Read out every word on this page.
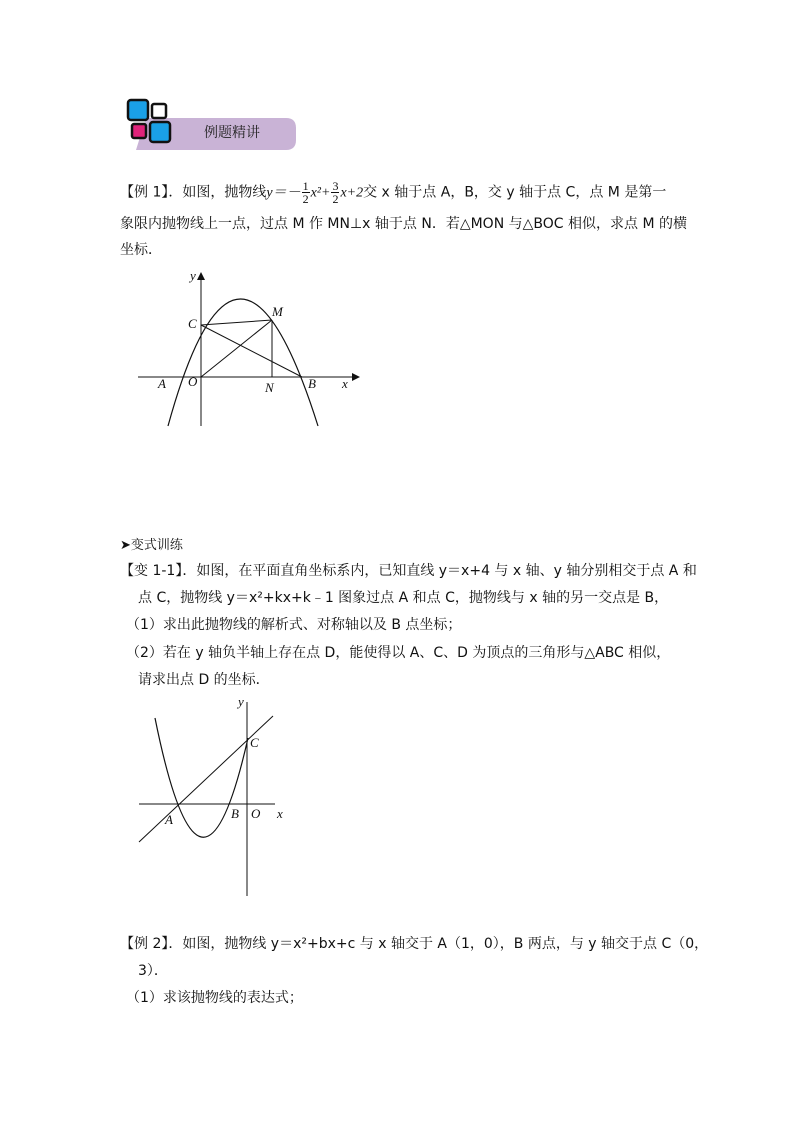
例题精讲
【例 1】．如图，抛物线$y=- \frac{1}{2} x^2+ \frac{3}{2} x+2$交 x 轴于点 A，B，交 y 轴于点 C，点 M 是第一
象限内抛物线上一点，过点 M 作 MN⊥x 轴于点 N．若△MON 与△BOC 相似，求点 M 的横
坐标．
y
x
C
M
A O	N	B
➤变式训练
【变 1-1】．如图，在平面直角坐标系内，已知直线 y＝x+4 与 x 轴、y 轴分别相交于点 A 和
点 C，抛物线 y＝x²+kx+k﹣1 图象过点 A 和点 C，抛物线与 x 轴的另一交点是 B，
（1）求出此抛物线的解析式、对称轴以及 B 点坐标；
（2）若在 y 轴负半轴上存在点 D，能使得以 A、C、D 为顶点的三角形与△ABC 相似，
请求出点 D 的坐标．
y
x
C
A	B O
【例 2】．如图，抛物线 y＝x²+bx+c 与 x 轴交于 A（1，0），B 两点，与 y 轴交于点 C（0，
3）．
（1）求该抛物线的表达式；
